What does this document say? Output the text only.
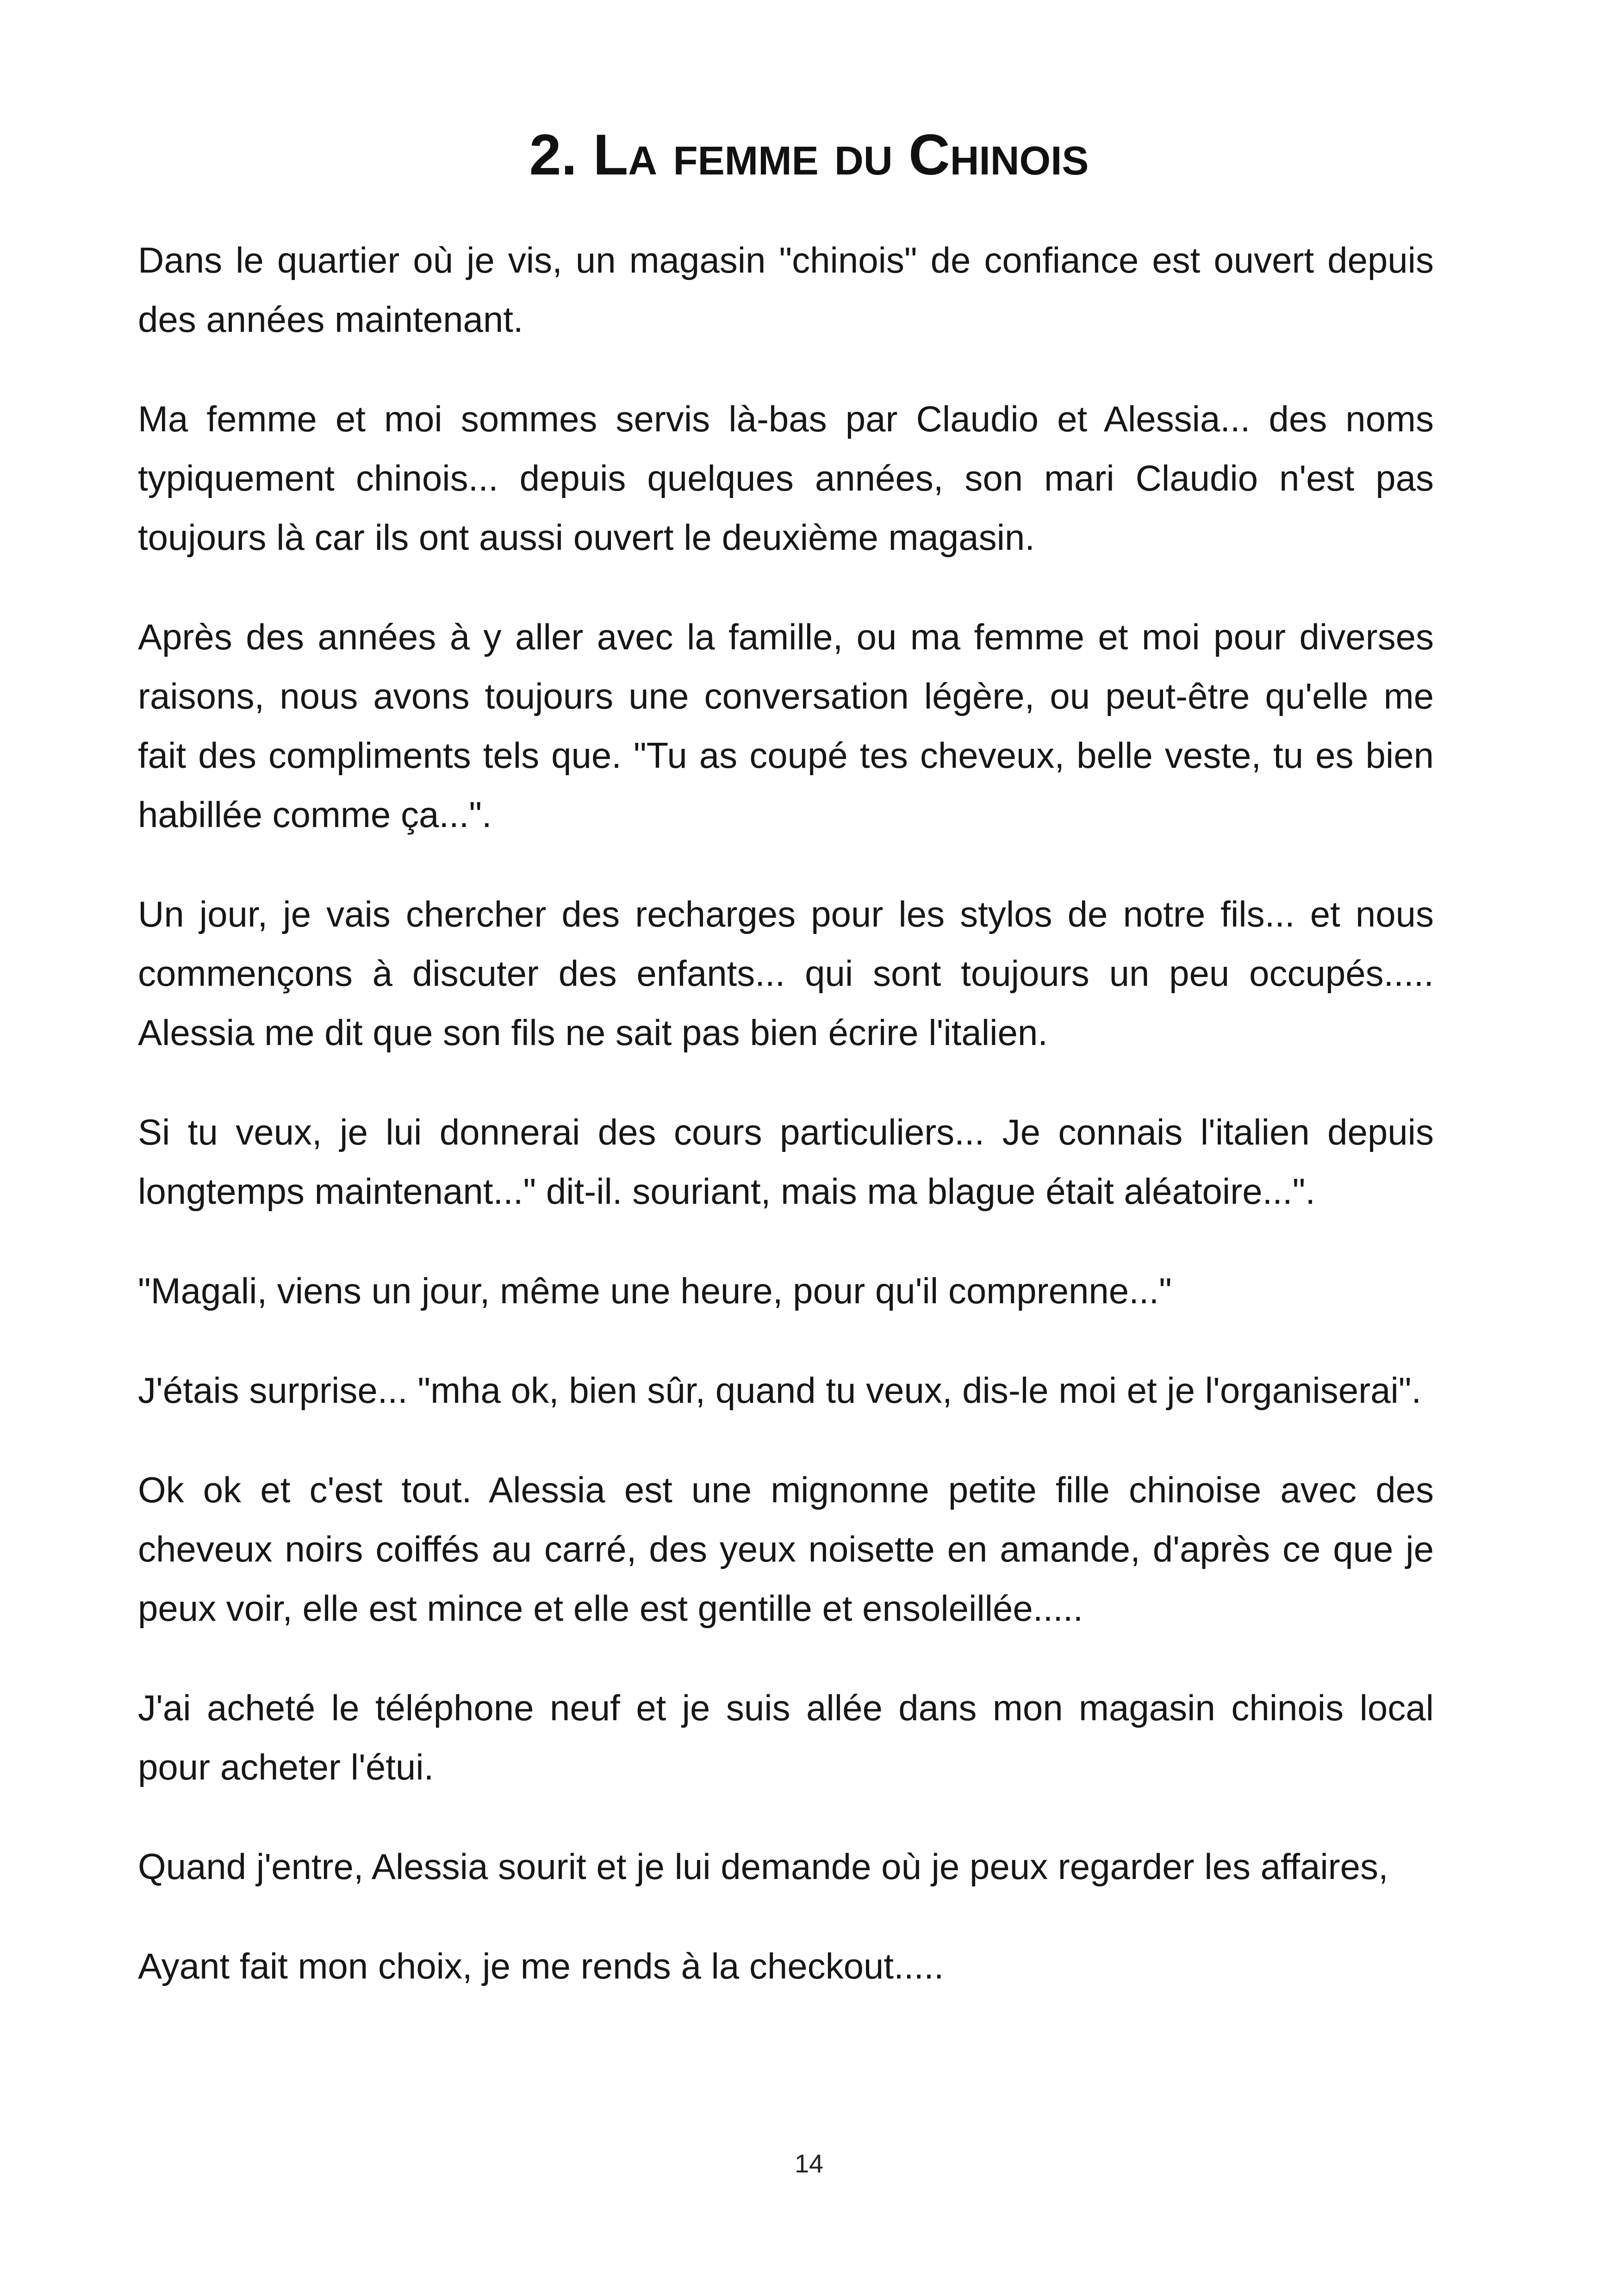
2. La femme du Chinois

Dans le quartier où je vis, un magasin "chinois" de confiance est ouvert depuis des années maintenant.

Ma femme et moi sommes servis là-bas par Claudio et Alessia... des noms typiquement chinois... depuis quelques années, son mari Claudio n'est pas toujours là car ils ont aussi ouvert le deuxième magasin.

Après des années à y aller avec la famille, ou ma femme et moi pour diverses raisons, nous avons toujours une conversation légère, ou peut-être qu'elle me fait des compliments tels que. "Tu as coupé tes cheveux, belle veste, tu es bien habillée comme ça...".

Un jour, je vais chercher des recharges pour les stylos de notre fils... et nous commençons à discuter des enfants... qui sont toujours un peu occupés..... Alessia me dit que son fils ne sait pas bien écrire l'italien.

Si tu veux, je lui donnerai des cours particuliers... Je connais l'italien depuis longtemps maintenant..." dit-il. souriant, mais ma blague était aléatoire...".

"Magali, viens un jour, même une heure, pour qu'il comprenne..."

J'étais surprise... "mha ok, bien sûr, quand tu veux, dis-le moi et je l'organiserai".

Ok ok et c'est tout. Alessia est une mignonne petite fille chinoise avec des cheveux noirs coiffés au carré, des yeux noisette en amande, d'après ce que je peux voir, elle est mince et elle est gentille et ensoleillée.....

J'ai acheté le téléphone neuf et je suis allée dans mon magasin chinois local pour acheter l'étui.

Quand j'entre, Alessia sourit et je lui demande où je peux regarder les affaires,

Ayant fait mon choix, je me rends à la checkout.....

14
